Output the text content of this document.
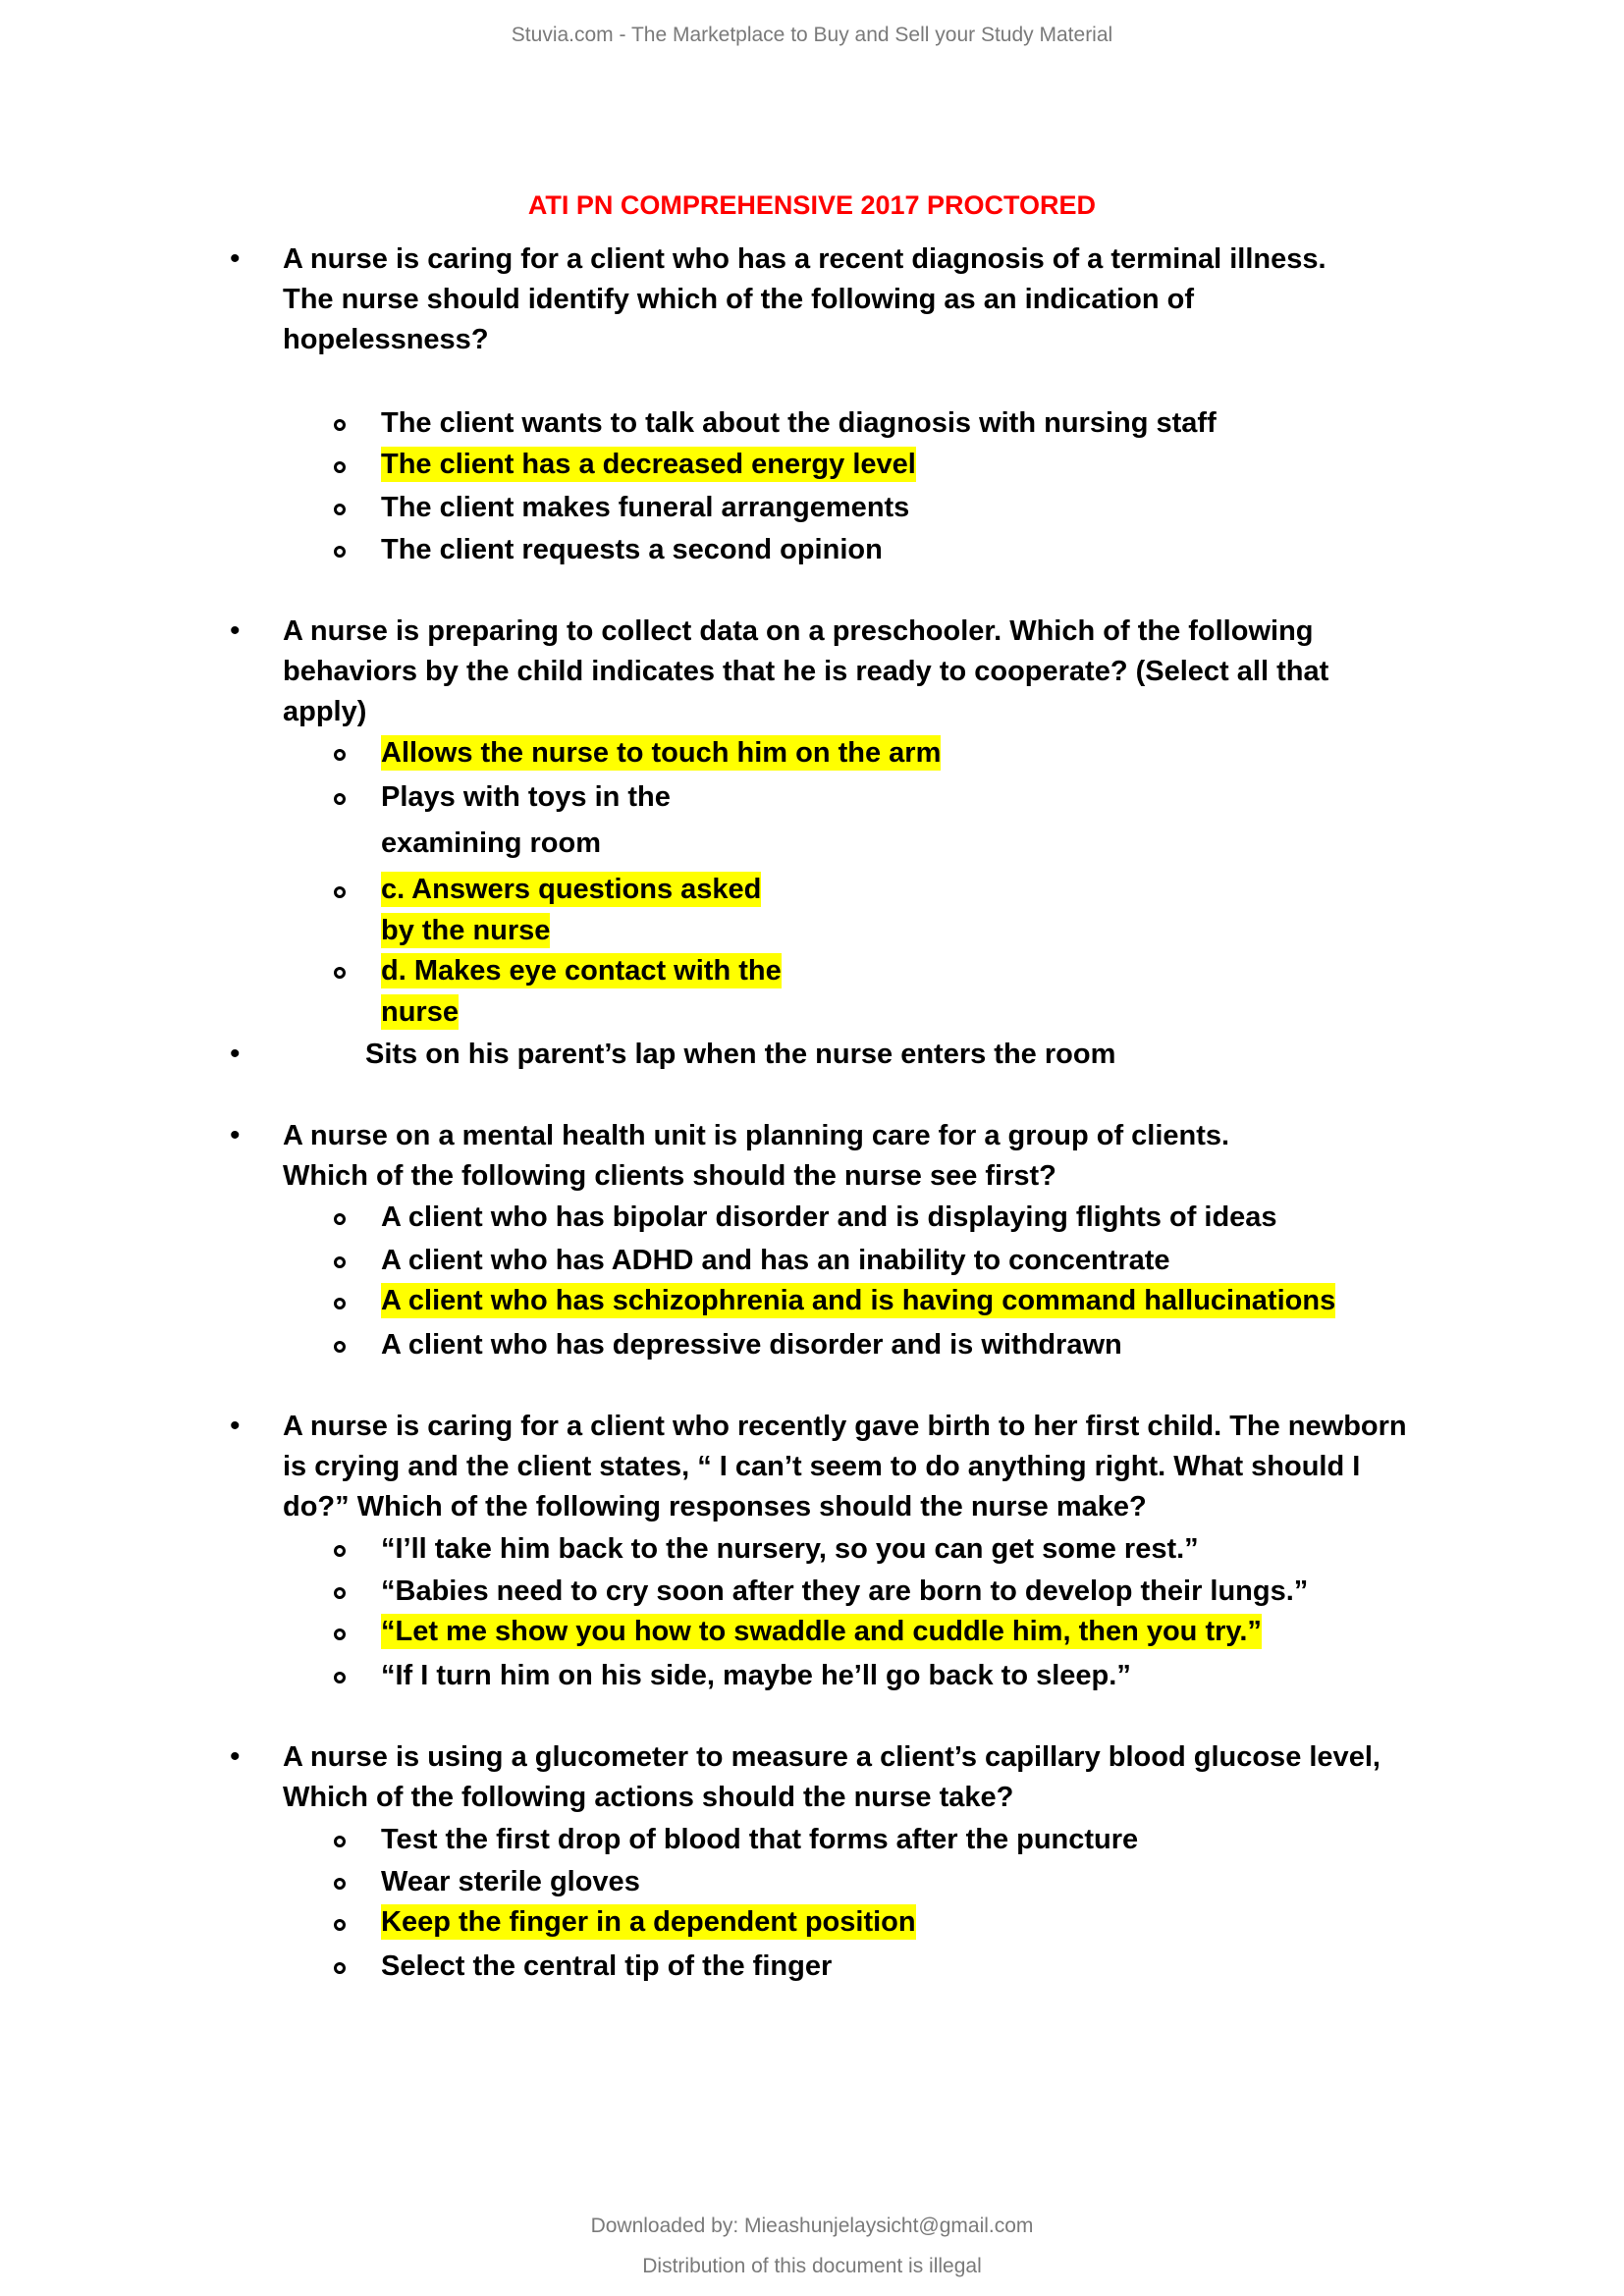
Stuvia.com - The Marketplace to Buy and Sell your Study Material
ATI PN COMPREHENSIVE 2017 PROCTORED
• A nurse is caring for a client who has a recent diagnosis of a terminal illness.
The nurse should identify which of the following as an indication of
hopelessness?
The client wants to talk about the diagnosis with nursing staff
The client has a decreased energy level
The client makes funeral arrangements
The client requests a second opinion
• A nurse is preparing to collect data on a preschooler. Which of the following
behaviors by the child indicates that he is ready to cooperate? (Select all that
apply)
Allows the nurse to touch him on the arm
Plays with toys in the
examining room
c. Answers questions asked
by the nurse
d. Makes eye contact with the
nurse
•	Sits on his parent’s lap when the nurse enters the room
• A nurse on a mental health unit is planning care for a group of clients.
Which of the following clients should the nurse see first?
A client who has bipolar disorder and is displaying flights of ideas
A client who has ADHD and has an inability to concentrate
A client who has schizophrenia and is having command hallucinations
A client who has depressive disorder and is withdrawn
• A nurse is caring for a client who recently gave birth to her first child. The newborn
is crying and the client states, “ I can’t seem to do anything right. What should I
do?” Which of the following responses should the nurse make?
“I’ll take him back to the nursery, so you can get some rest.”
“Babies need to cry soon after they are born to develop their lungs.”
“Let me show you how to swaddle and cuddle him, then you try.”
“If I turn him on his side, maybe he’ll go back to sleep.”
• A nurse is using a glucometer to measure a client’s capillary blood glucose level,
Which of the following actions should the nurse take?
Test the first drop of blood that forms after the puncture
Wear sterile gloves
Keep the finger in a dependent position
Select the central tip of the finger
Downloaded by: Mieashunjelaysicht@gmail.com
Distribution of this document is illegal
